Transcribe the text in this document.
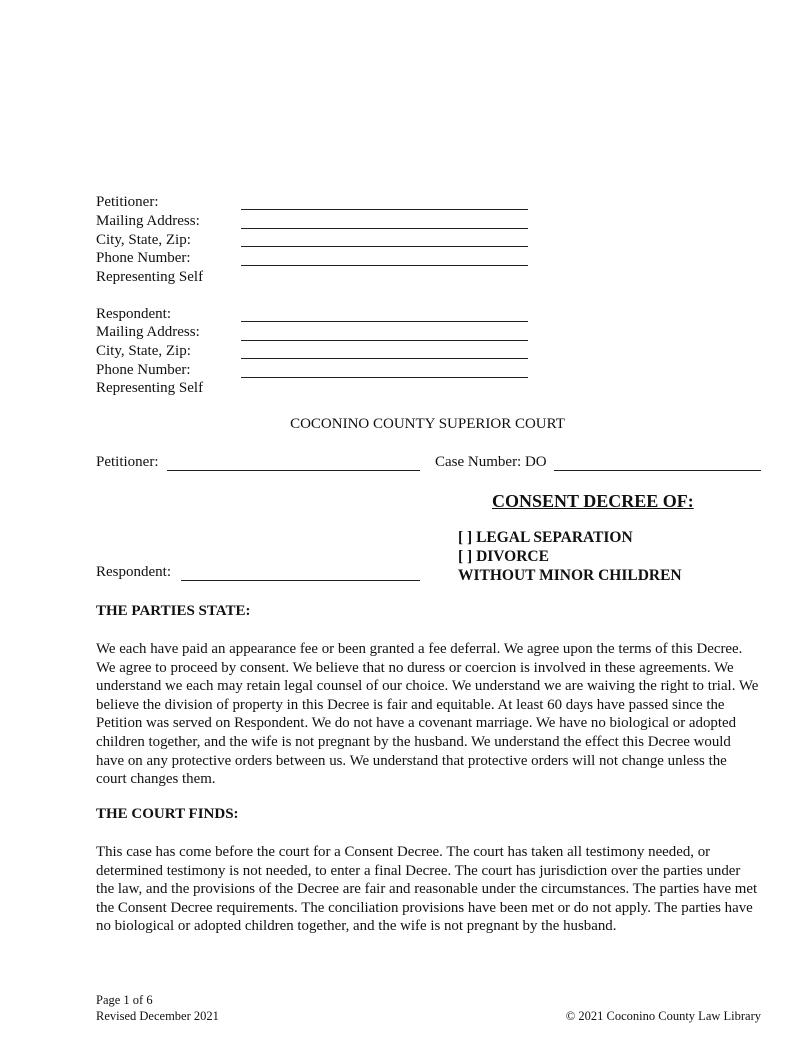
Petitioner:
Mailing Address:
City, State, Zip:
Phone Number:
Representing Self
Respondent:
Mailing Address:
City, State, Zip:
Phone Number:
Representing Self
COCONINO COUNTY SUPERIOR COURT
Petitioner:	Case Number: DO
CONSENT DECREE OF:
[ ] LEGAL SEPARATION
[ ] DIVORCE
WITHOUT MINOR CHILDREN
Respondent:
THE PARTIES STATE:
We each have paid an appearance fee or been granted a fee deferral. We agree upon the terms of this Decree. We agree to proceed by consent. We believe that no duress or coercion is involved in these agreements. We understand we each may retain legal counsel of our choice. We understand we are waiving the right to trial. We believe the division of property in this Decree is fair and equitable. At least 60 days have passed since the Petition was served on Respondent. We do not have a covenant marriage. We have no biological or adopted children together, and the wife is not pregnant by the husband. We understand the effect this Decree would have on any protective orders between us. We understand that protective orders will not change unless the court changes them.
THE COURT FINDS:
This case has come before the court for a Consent Decree. The court has taken all testimony needed, or determined testimony is not needed, to enter a final Decree. The court has jurisdiction over the parties under the law, and the provisions of the Decree are fair and reasonable under the circumstances. The parties have met the Consent Decree requirements. The conciliation provisions have been met or do not apply. The parties have no biological or adopted children together, and the wife is not pregnant by the husband.
Page 1 of 6
Revised December 2021	© 2021 Coconino County Law Library
